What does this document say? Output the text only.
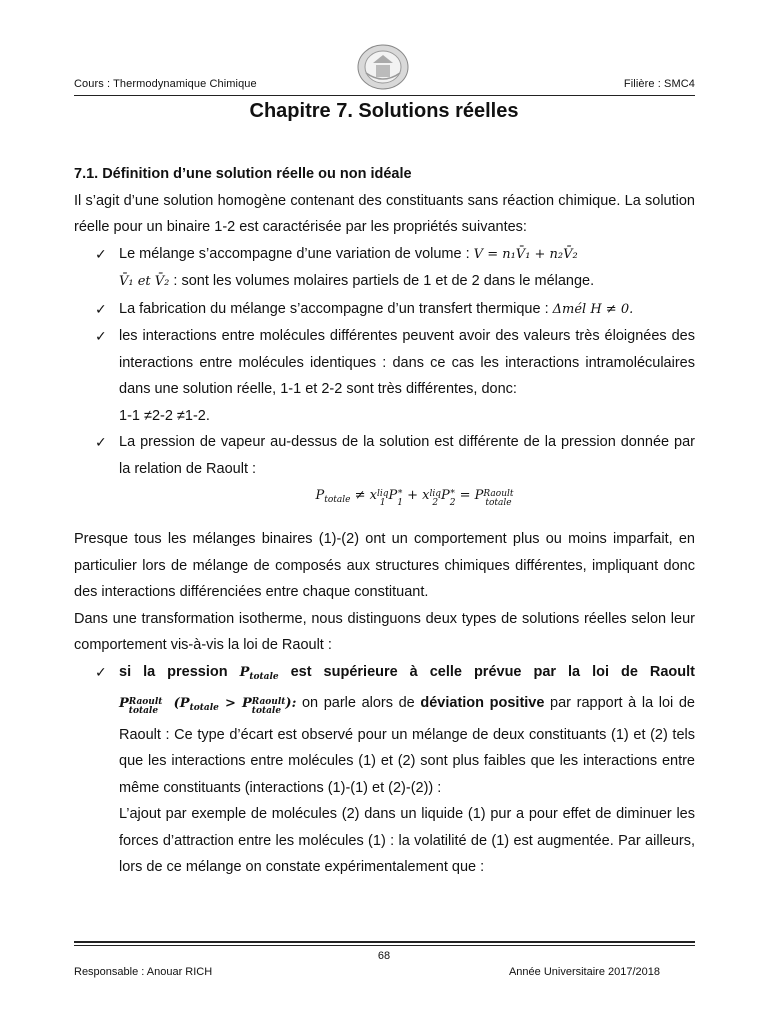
Cours : Thermodynamique Chimique	Filière : SMC4
Chapitre 7. Solutions réelles

7.1. Définition d’une solution réelle ou non idéale

Il s’agit d’une solution homogène contenant des constituants sans réaction chimique. La solution réelle pour un binaire 1-2 est caractérisée par les propriétés suivantes:

✓ Le mélange s’accompagne d’une variation de volume : V = n₁V̄₁ + n₂V̄₂
V̄₁ et V̄₂ : sont les volumes molaires partiels de 1 et de 2 dans le mélange.
✓ La fabrication du mélange s’accompagne d’un transfert thermique : Δmél H ≠ 0.
✓ les interactions entre molécules différentes peuvent avoir des valeurs très éloignées des interactions entre molécules identiques : dans ce cas les interactions intramoléculaires dans une solution réelle, 1-1 et 2-2 sont très différentes, donc:

1-1 ≠2-2 ≠1-2.

✓ La pression de vapeur au-dessus de la solution est différente de la pression donnée par la relation de Raoult :

$P_{totale}$ ≠ xliq
1 P*
1 + xliq
2 P*
2 = PRaoult
totale

Presque tous les mélanges binaires (1)-(2) ont un comportement plus ou moins imparfait, en particulier lors de mélange de composés aux structures chimiques différentes, impliquant donc des interactions différenciées entre chaque constituant.

Dans une transformation isotherme, nous distinguons deux types de solutions réelles selon leur comportement vis-à-vis la loi de Raoult :

✓ si la pression $P_{totale}$ est supérieure à celle prévue par la loi de Raoult

PRaoult
totale ($P_{totale}$ > PRaoult
totale ): on parle alors de déviation positive par rapport à la loi de Raoult : Ce type d’écart est observé pour un mélange de deux constituants (1) et (2) tels que les interactions entre molécules (1) et (2) sont plus faibles que les interactions entre même constituants (interactions (1)-(1) et (2)-(2)) :

L’ajout par exemple de molécules (2) dans un liquide (1) pur a pour effet de diminuer les forces d’attraction entre les molécules (1) : la volatilité de (1) est augmentée. Par ailleurs, lors de ce mélange on constate expérimentalement que :

68
Responsable : Anouar RICH	Année Universitaire 2017/2018
